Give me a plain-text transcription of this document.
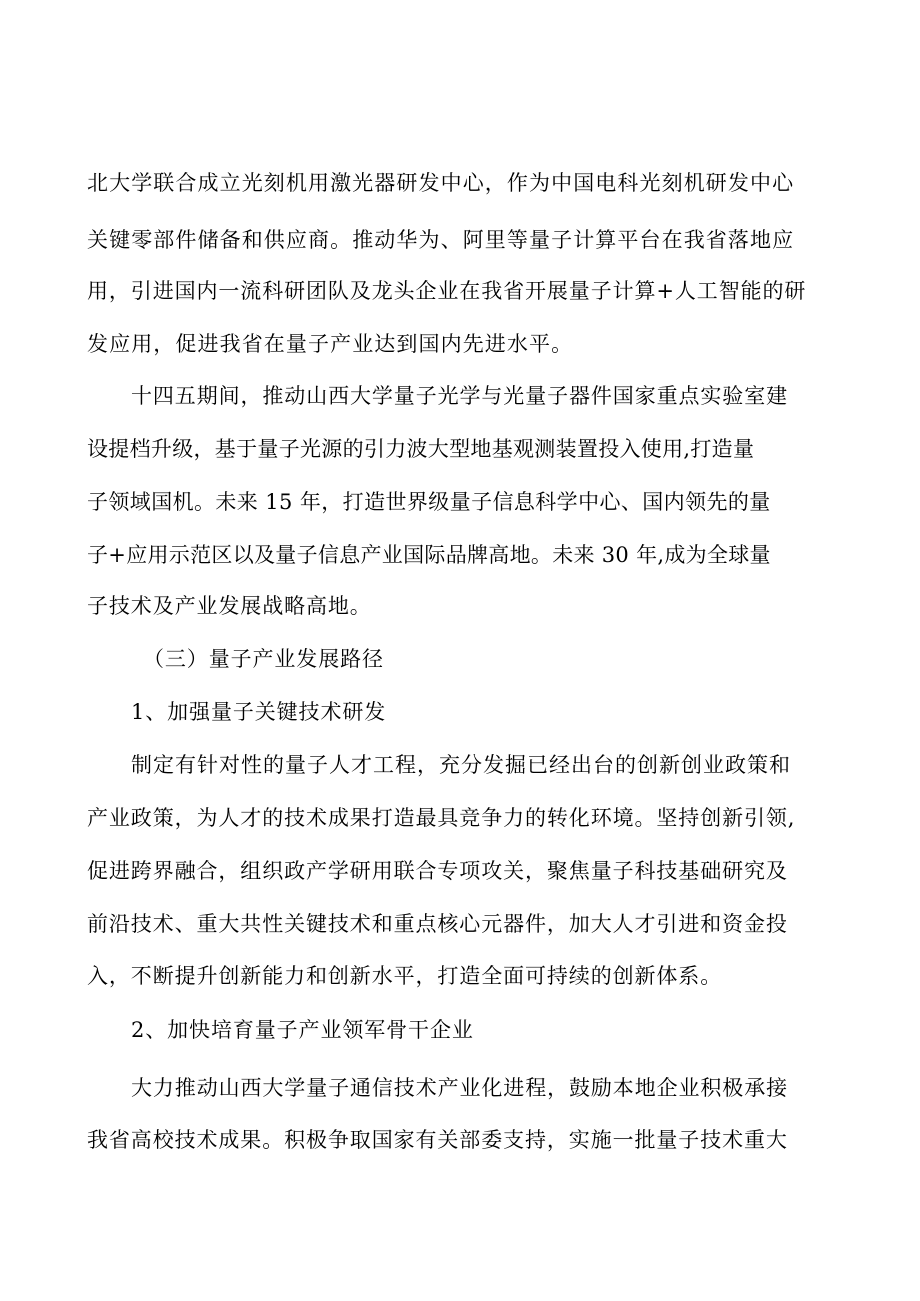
北大学联合成立光刻机用激光器研发中心，作为中国电科光刻机研发中心
关键零部件储备和供应商。推动华为、阿里等量子计算平台在我省落地应
用，引进国内一流科研团队及龙头企业在我省开展量子计算+人工智能的研
发应用，促进我省在量子产业达到国内先进水平。
十四五期间，推动山西大学量子光学与光量子器件国家重点实验室建
设提档升级，基于量子光源的引力波大型地基观测装置投入使用,打造量
子领域国机。未来 15 年，打造世界级量子信息科学中心、国内领先的量
子+应用示范区以及量子信息产业国际品牌高地。未来 30 年,成为全球量
子技术及产业发展战略高地。
（三）量子产业发展路径
1、加强量子关键技术研发
制定有针对性的量子人才工程，充分发掘已经出台的创新创业政策和
产业政策，为人才的技术成果打造最具竞争力的转化环境。坚持创新引领,
促进跨界融合，组织政产学研用联合专项攻关，聚焦量子科技基础研究及
前沿技术、重大共性关键技术和重点核心元器件，加大人才引进和资金投
入，不断提升创新能力和创新水平，打造全面可持续的创新体系。
2、加快培育量子产业领军骨干企业
大力推动山西大学量子通信技术产业化进程，鼓励本地企业积极承接
我省高校技术成果。积极争取国家有关部委支持，实施一批量子技术重大
